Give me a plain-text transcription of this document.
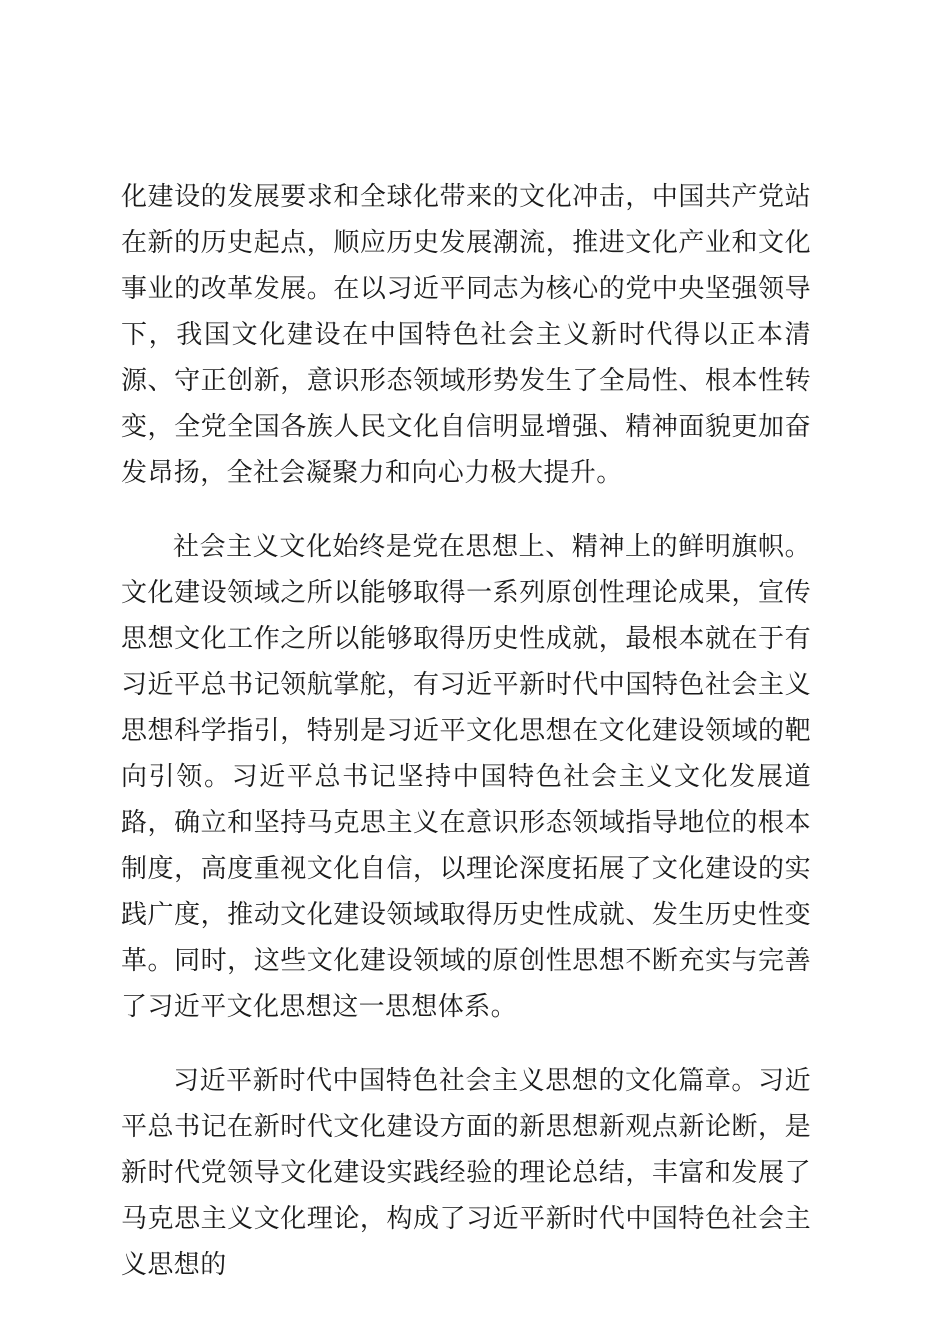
化建设的发展要求和全球化带来的文化冲击，中国共产党站在新的历史起点，顺应历史发展潮流，推进文化产业和文化事业的改革发展。在以习近平同志为核心的党中央坚强领导下，我国文化建设在中国特色社会主义新时代得以正本清源、守正创新，意识形态领域形势发生了全局性、根本性转变，全党全国各族人民文化自信明显增强、精神面貌更加奋发昂扬，全社会凝聚力和向心力极大提升。

社会主义文化始终是党在思想上、精神上的鲜明旗帜。文化建设领域之所以能够取得一系列原创性理论成果，宣传思想文化工作之所以能够取得历史性成就，最根本就在于有习近平总书记领航掌舵，有习近平新时代中国特色社会主义思想科学指引，特别是习近平文化思想在文化建设领域的靶向引领。习近平总书记坚持中国特色社会主义文化发展道路，确立和坚持马克思主义在意识形态领域指导地位的根本制度，高度重视文化自信，以理论深度拓展了文化建设的实践广度，推动文化建设领域取得历史性成就、发生历史性变革。同时，这些文化建设领域的原创性思想不断充实与完善了习近平文化思想这一思想体系。

习近平新时代中国特色社会主义思想的文化篇章。习近平总书记在新时代文化建设方面的新思想新观点新论断，是新时代党领导文化建设实践经验的理论总结，丰富和发展了马克思主义文化理论，构成了习近平新时代中国特色社会主义思想的
